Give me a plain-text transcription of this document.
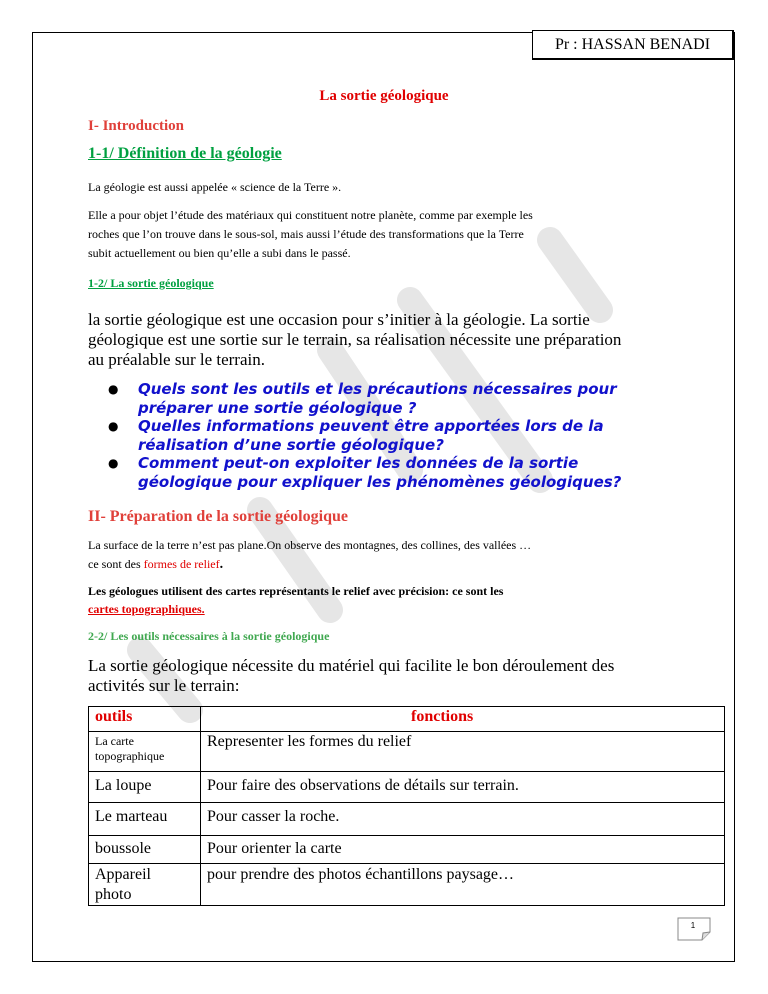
Pr : HASSAN BENADI
La sortie géologique
I- Introduction
1-1/ Définition de la géologie
La géologie est aussi appelée « science de la Terre ».
Elle a pour objet l’étude des matériaux qui constituent notre planète, comme par exemple les
roches que l’on trouve dans le sous-sol, mais aussi l’étude des transformations que la Terre
subit actuellement ou bien qu’elle a subi dans le passé.
1-2/ La sortie géologique
la sortie géologique est une occasion pour s’initier à la géologie. La sortie
géologique est une sortie sur le terrain, sa réalisation nécessite une préparation
au préalable sur le terrain.
● Quels sont les outils et les précautions nécessaires pour
préparer une sortie géologique ?
● Quelles informations peuvent être apportées lors de la
réalisation d’une sortie géologique?
● Comment peut-on exploiter les données de la sortie
géologique pour expliquer les phénomènes géologiques?
II- Préparation de la sortie géologique
La surface de la terre n’est pas plane.On observe des montagnes, des collines, des vallées …
ce sont des formes de relief.
Les géologues utilisent des cartes représentants le relief avec précision: ce sont les
cartes topographiques.
2-2/ Les outils nécessaires à la sortie géologique
La sortie géologique nécessite du matériel qui facilite le bon déroulement des
activités sur le terrain:
outils	fonctions
La carte
topographique	Representer les formes du relief
La loupe	Pour faire des observations de détails sur terrain.
Le marteau	Pour casser la roche.
boussole	Pour orienter la carte
Appareil
photo	pour prendre des photos échantillons paysage…
1
